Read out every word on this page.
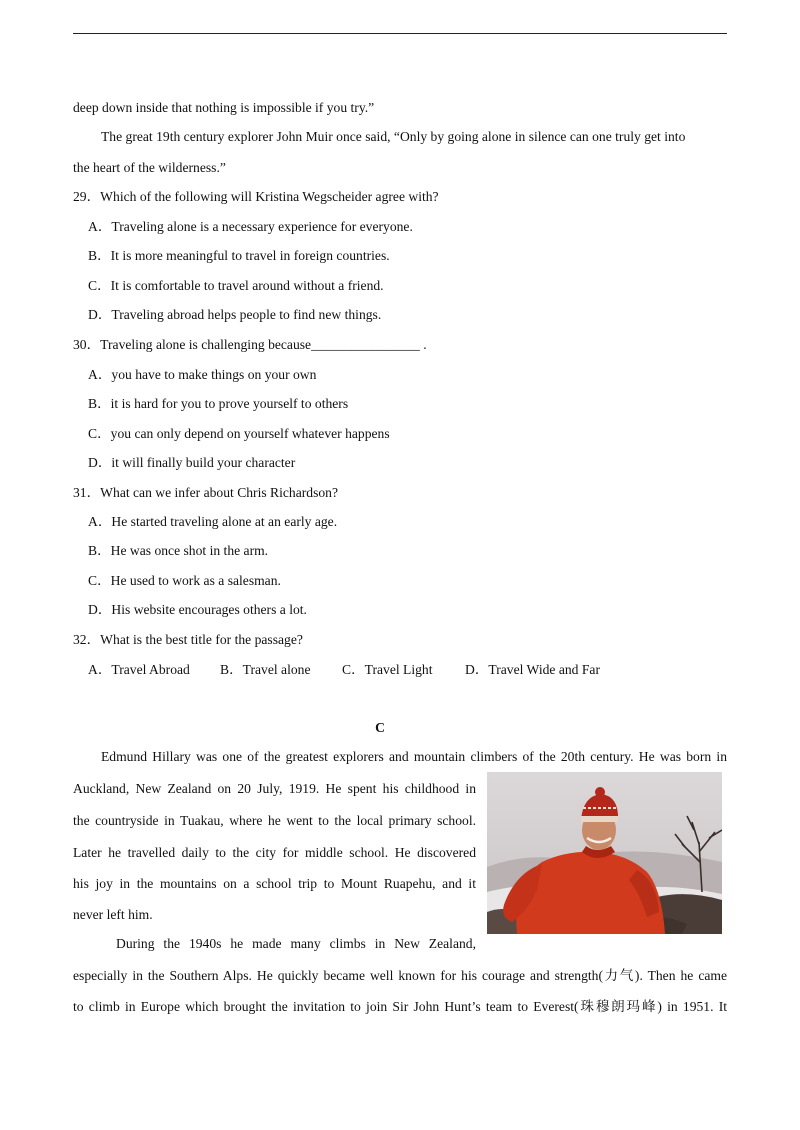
deep down inside that nothing is impossible if you try.”
The great 19th century explorer John Muir once said, “Only by going alone in silence can one truly get into
the heart of the wilderness.”
29．Which of the following will Kristina Wegscheider agree with?
A．Traveling alone is a necessary experience for everyone.
B．It is more meaningful to travel in foreign countries.
C．It is comfortable to travel around without a friend.
D．Traveling abroad helps people to find new things.
30．Traveling alone is challenging because________________ .
A．you have to make things on your own
B．it is hard for you to prove yourself to others
C．you can only depend on yourself whatever happens
D．it will finally build your character
31．What can we infer about Chris Richardson?
A．He started traveling alone at an early age.
B．He was once shot in the arm.
C．He used to work as a salesman.
D．His website encourages others a lot.
32．What is the best title for the passage?
A．Travel Abroad B．Travel alone C．Travel Light D．Travel Wide and Far
C
Edmund Hillary was one of the greatest explorers and mountain climbers of the 20th century. He was born in
Auckland, New Zealand on 20 July, 1919. He spent his childhood in
the countryside in Tuakau, where he went to the local primary school.
Later he travelled daily to the city for middle school. He discovered
his joy in the mountains on a school trip to Mount Ruapehu, and it
never left him.
During the 1940s he made many climbs in New Zealand,
especially in the Southern Alps. He quickly became well known for his courage and strength(力气). Then he came
to climb in Europe which brought the invitation to join Sir John Hunt’s team to Everest(珠穆朗玛峰) in 1951. It
